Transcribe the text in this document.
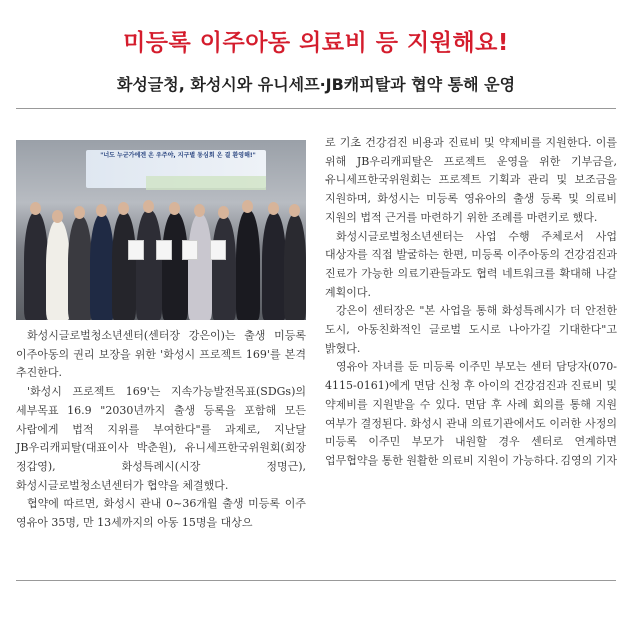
미등록 이주아동 의료비 등 지원해요!
화성글청, 화성시와 유니세프·JB캐피탈과 협약 통해 운영
"너도 누군가에겐 온 우주야, 지구별 동심회 온 결 환영해!"

화성시글로벌청소년센터(센터장 강은이)는 출생 미등록 이주아동의 권리 보장을 위한 '화성시 프로젝트 169'를 본격 추진한다.

'화성시 프로젝트 169'는 지속가능발전목표(SDGs)의 세부목표 16.9 "2030년까지 출생 등록을 포함해 모든 사람에게 법적 지위를 부여한다"를 과제로, 지난달 JB우리캐피탈(대표이사 박춘원), 유니세프한국위원회(회장 정갑영), 화성특례시(시장 정명근), 화성시글로벌청소년센터가 협약을 체결했다.

협약에 따르면, 화성시 관내 0~36개월 출생 미등록 이주 영유아 35명, 만 13세까지의 아동 15명을 대상으

로 기초 건강검진 비용과 진료비 및 약제비를 지원한다. 이를 위해 JB우리캐피탈은 프로젝트 운영을 위한 기부금을, 유니세프한국위원회는 프로젝트 기획과 관리 및 보조금을 지원하며, 화성시는 미등록 영유아의 출생 등록 및 의료비 지원의 법적 근거를 마련하기 위한 조례를 마련키로 했다.

화성시글로벌청소년센터는 사업 수행 주체로서 사업 대상자를 직접 발굴하는 한편, 미등록 이주아동의 건강검진과 진료가 가능한 의료기관들과도 협력 네트워크를 확대해 나갈 계획이다.

강은이 센터장은 "본 사업을 통해 화성특례시가 더 안전한 도시, 아동친화적인 글로벌 도시로 나아가길 기대한다"고 밝혔다.

영유아 자녀를 둔 미등록 이주민 부모는 센터 담당자(070-4115-0161)에게 면담 신청 후 아이의 건강검진과 진료비 및 약제비를 지원받을 수 있다. 면담 후 사례 회의를 통해 지원 여부가 결정된다. 화성시 관내 의료기관에서도 이러한 사정의 미등록 이주민 부모가 내원할 경우 센터로 연계하면 업무협약을 통한 원활한 의료비 지원이 가능하다. 김영의 기자
